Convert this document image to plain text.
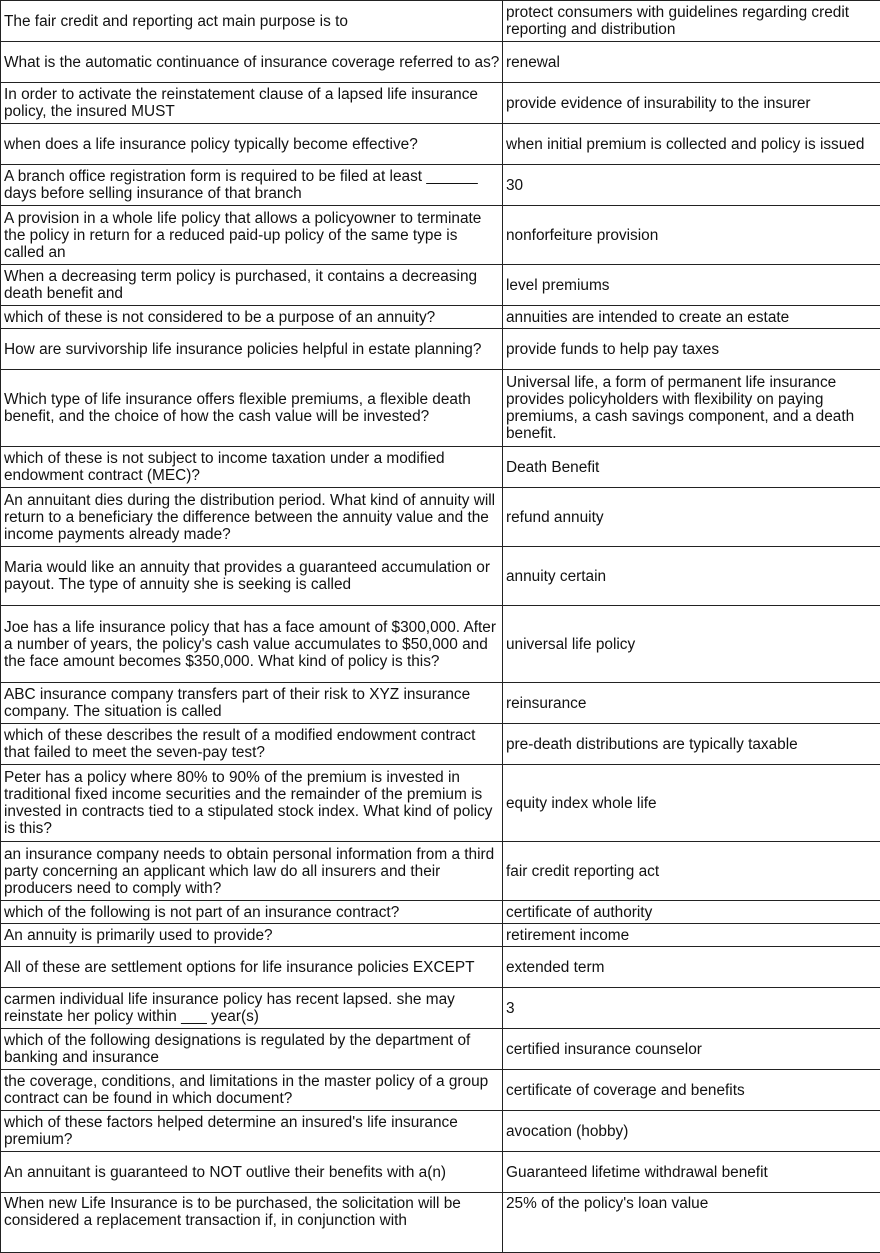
The fair credit and reporting act main purpose is to	protect consumers with guidelines regarding credit reporting and distribution
What is the automatic continuance of insurance coverage referred to as?	renewal
In order to activate the reinstatement clause of a lapsed life insurance policy, the insured MUST	provide evidence of insurability to the insurer
when does a life insurance policy typically become effective?	when initial premium is collected and policy is issued
A branch office registration form is required to be filed at least ______ days before selling insurance of that branch	30
A provision in a whole life policy that allows a policyowner to terminate the policy in return for a reduced paid-up policy of the same type is called an	nonforfeiture provision
When a decreasing term policy is purchased, it contains a decreasing death benefit and	level premiums
which of these is not considered to be a purpose of an annuity?	annuities are intended to create an estate
How are survivorship life insurance policies helpful in estate planning?	provide funds to help pay taxes
Which type of life insurance offers flexible premiums, a flexible death benefit, and the choice of how the cash value will be invested?	Universal life, a form of permanent life insurance provides policyholders with flexibility on paying premiums, a cash savings component, and a death benefit.
which of these is not subject to income taxation under a modified endowment contract (MEC)?	Death Benefit
An annuitant dies during the distribution period. What kind of annuity will return to a beneficiary the difference between the annuity value and the income payments already made?	refund annuity
Maria would like an annuity that provides a guaranteed accumulation or payout. The type of annuity she is seeking is called	annuity certain
Joe has a life insurance policy that has a face amount of $300,000. After a number of years, the policy's cash value accumulates to $50,000 and the face amount becomes $350,000. What kind of policy is this?	universal life policy
ABC insurance company transfers part of their risk to XYZ insurance company. The situation is called	reinsurance
which of these describes the result of a modified endowment contract that failed to meet the seven-pay test?	pre-death distributions are typically taxable
Peter has a policy where 80% to 90% of the premium is invested in traditional fixed income securities and the remainder of the premium is invested in contracts tied to a stipulated stock index. What kind of policy is this?	equity index whole life
an insurance company needs to obtain personal information from a third party concerning an applicant which law do all insurers and their producers need to comply with?	fair credit reporting act
which of the following is not part of an insurance contract?	certificate of authority
An annuity is primarily used to provide?	retirement income
All of these are settlement options for life insurance policies EXCEPT	extended term
carmen individual life insurance policy has recent lapsed. she may reinstate her policy within ___ year(s)	3
which of the following designations is regulated by the department of banking and insurance	certified insurance counselor
the coverage, conditions, and limitations in the master policy of a group contract can be found in which document?	certificate of coverage and benefits
which of these factors helped determine an insured's life insurance premium?	avocation (hobby)
An annuitant is guaranteed to NOT outlive their benefits with a(n)	Guaranteed lifetime withdrawal benefit
When new Life Insurance is to be purchased, the solicitation will be considered a replacement transaction if, in conjunction with	25% of the policy's loan value
